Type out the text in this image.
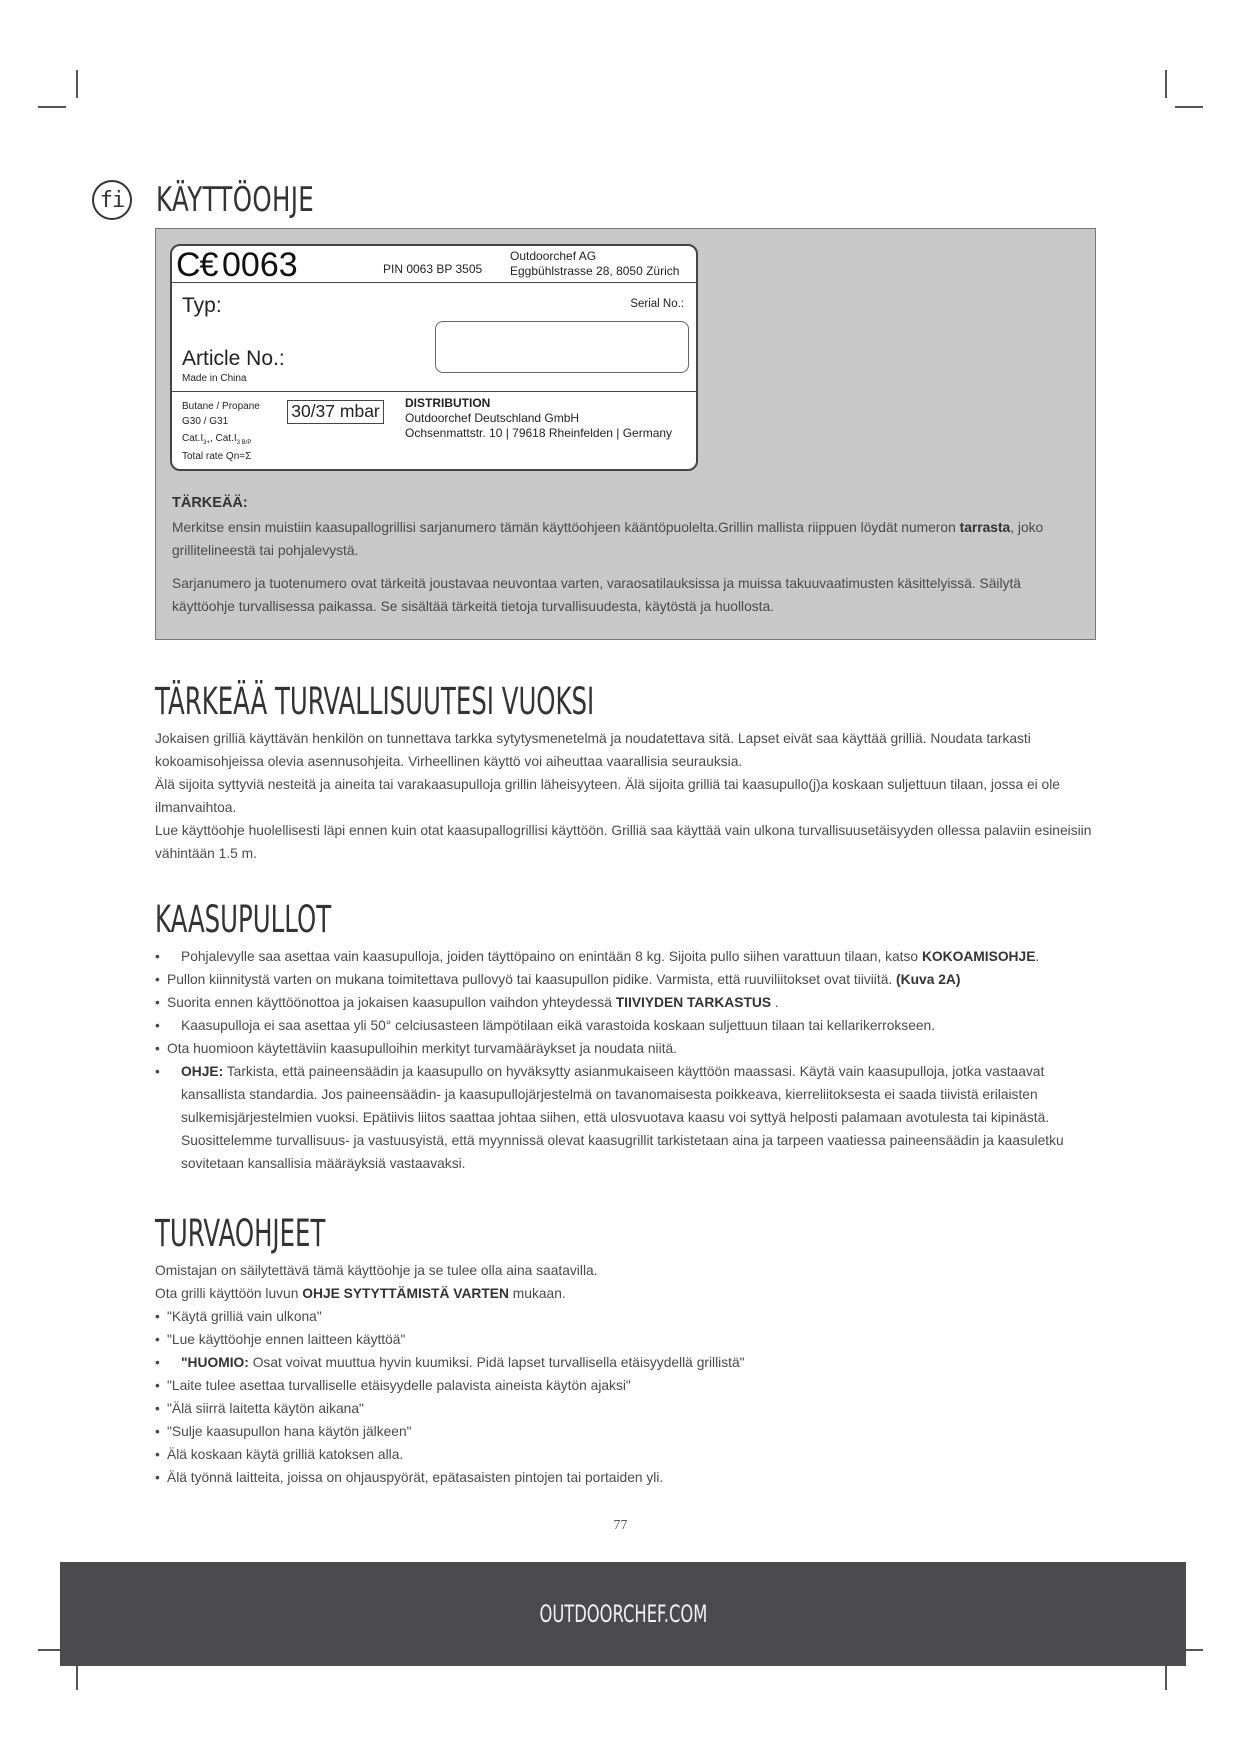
fi KÄYTTÖOHJE
C€ 0063	PIN 0063 BP 3505
Outdoorchef AG
Eggbühlstrasse 28, 8050 Zürich
Typ:	Serial No.:
Article No.:
Made in China
Butane / Propane
G30 / G31
30/37 mbar
$Cat.I_{3+}$, $Cat.I_{3 B/P}$
Total rate Qn=Σ
DISTRIBUTION
Outdoorchef Deutschland GmbH
Ochsenmattstr. 10 | 79618 Rheinfelden | Germany
TÄRKEÄÄ:

Merkitse ensin muistiin kaasupallogrillisi sarjanumero tämän käyttöohjeen kääntöpuolelta.Grillin mallista riippuen löydät numeron tarrasta, joko grillitelineestä tai pohjalevystä.

Sarjanumero ja tuotenumero ovat tärkeitä joustavaa neuvontaa varten, varaosatilauksissa ja muissa takuuvaatimusten käsittelyissä. Säilytä käyttöohje turvallisessa paikassa. Se sisältää tärkeitä tietoja turvallisuudesta, käytöstä ja huollosta.

TÄRKEÄÄ TURVALLISUUTESI VUOKSI

Jokaisen grilliä käyttävän henkilön on tunnettava tarkka sytytysmenetelmä ja noudatettava sitä. Lapset eivät saa käyttää grilliä. Noudata tarkasti kokoamisohjeissa olevia asennusohjeita. Virheellinen käyttö voi aiheuttaa vaarallisia seurauksia.

Älä sijoita syttyviä nesteitä ja aineita tai varakaasupulloja grillin läheisyyteen. Älä sijoita grilliä tai kaasupullo(j)a koskaan suljettuun tilaan, jossa ei ole ilmanvaihtoa.

Lue käyttöohje huolellisesti läpi ennen kuin otat kaasupallogrillisi käyttöön. Grilliä saa käyttää vain ulkona turvallisuusetäisyyden ollessa palaviin esineisiin vähintään 1.5 m.

KAASUPULLOT
•	Pohjalevylle saa asettaa vain kaasupulloja, joiden täyttöpaino on enintään 8 kg. Sijoita pullo siihen varattuun tilaan, katso KOKOAMISOHJE.
• Pullon kiinnitystä varten on mukana toimitettava pullovyö tai kaasupullon pidike. Varmista, että ruuviliitokset ovat tiiviitä. (Kuva 2A)
• Suorita ennen käyttöönottoa ja jokaisen kaasupullon vaihdon yhteydessä TIIVIYDEN TARKASTUS .
•	Kaasupulloja ei saa asettaa yli 50° celciusasteen lämpötilaan eikä varastoida koskaan suljettuun tilaan tai kellarikerrokseen.
• Ota huomioon käytettäviin kaasupulloihin merkityt turvamääräykset ja noudata niitä.
•	OHJE: Tarkista, että paineensäädin ja kaasupullo on hyväksytty asianmukaiseen käyttöön maassasi. Käytä vain kaasupulloja, jotka vastaavat kansallista standardia. Jos paineensäädin- ja kaasupullojärjestelmä on tavanomaisesta poikkeava, kierreliitoksesta ei saada tiivistä erilaisten sulkemisjärjestelmien vuoksi. Epätiivis liitos saattaa johtaa siihen, että ulosvuotava kaasu voi syttyä helposti palamaan avotulesta tai kipinästä. Suosittelemme turvallisuus- ja vastuusyistä, että myynnissä olevat kaasugrillit tarkistetaan aina ja tarpeen vaatiessa paineensäädin ja kaasuletku sovitetaan kansallisia määräyksiä vastaavaksi.
TURVAOHJEET

Omistajan on säilytettävä tämä käyttöohje ja se tulee olla aina saatavilla.

Ota grilli käyttöön luvun OHJE SYTYTTÄMISTÄ VARTEN mukaan.

• "Käytä grilliä vain ulkona"
• "Lue käyttöohje ennen laitteen käyttöä"
•	"HUOMIO: Osat voivat muuttua hyvin kuumiksi. Pidä lapset turvallisella etäisyydellä grillistä"
• "Laite tulee asettaa turvalliselle etäisyydelle palavista aineista käytön ajaksi"
• "Älä siirrä laitetta käytön aikana"
• "Sulje kaasupullon hana käytön jälkeen"
• Älä koskaan käytä grilliä katoksen alla.
• Älä työnnä laitteita, joissa on ohjauspyörät, epätasaisten pintojen tai portaiden yli.
77
OUTDOORCHEF.COM
